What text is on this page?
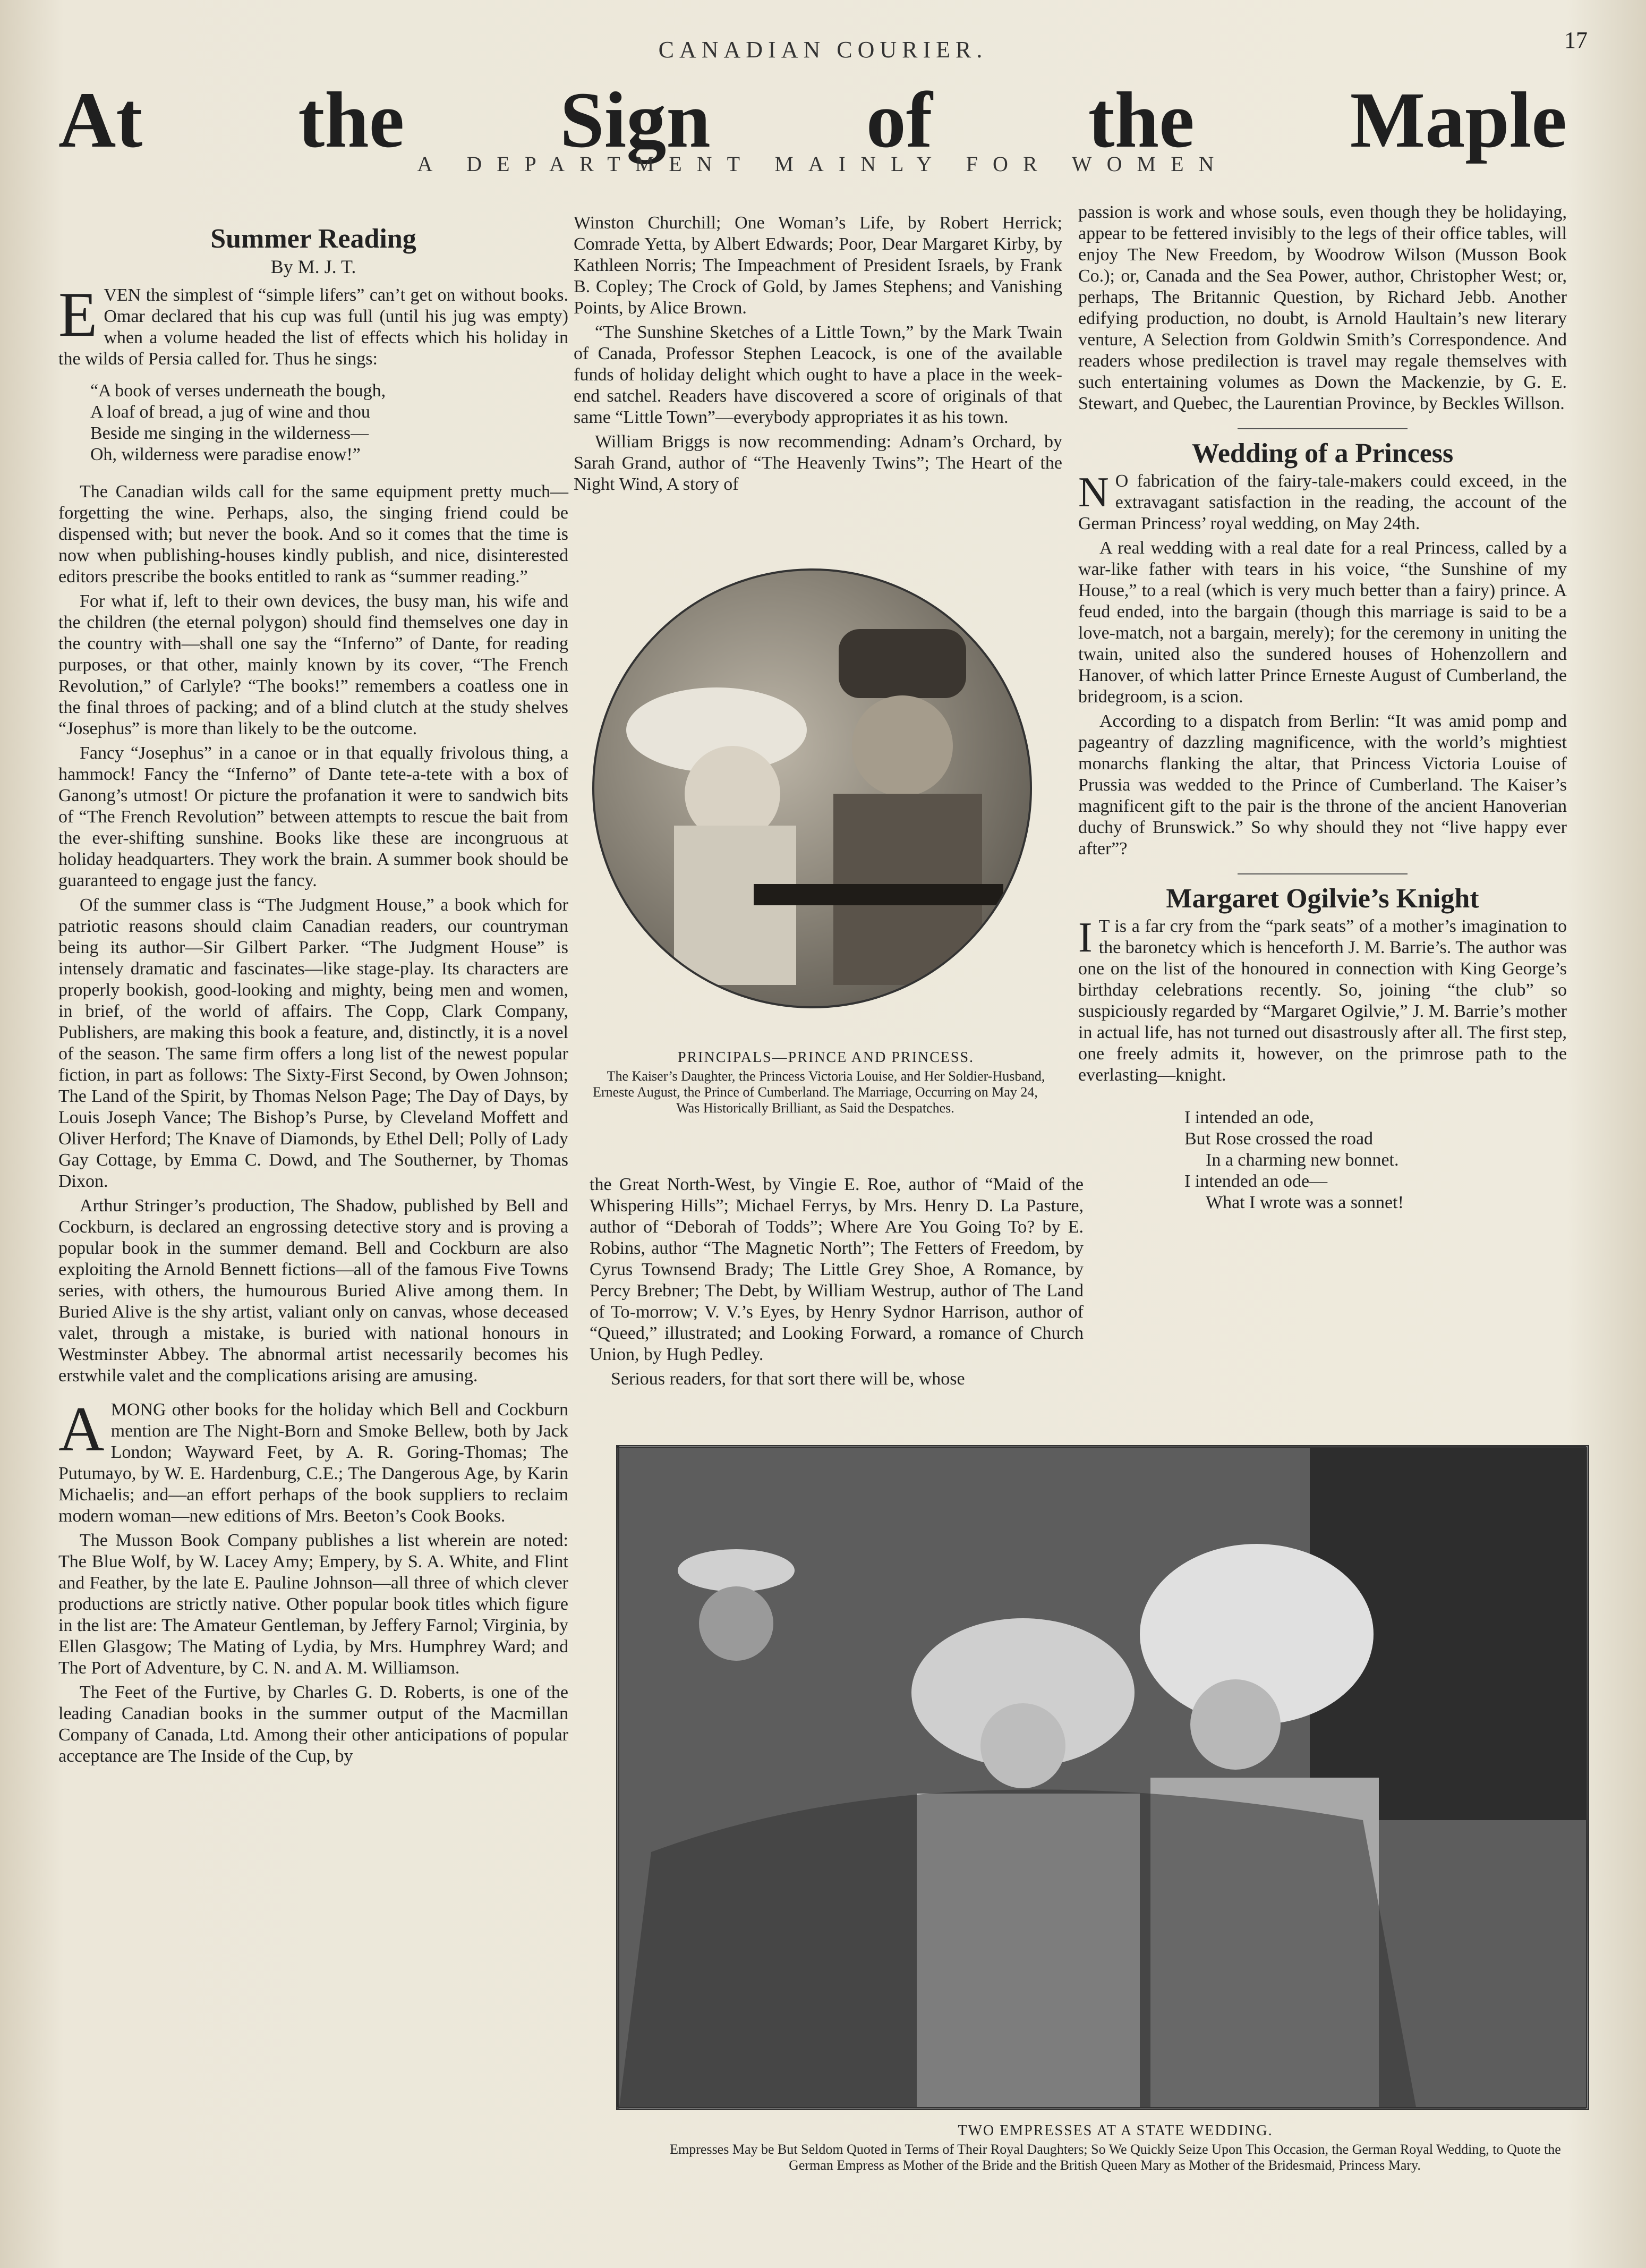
CANADIAN COURIER.	17
At the Sign of the Maple
A DEPARTMENT MAINLY FOR WOMEN
Summer Reading
By M. J. T.

EVEN the simplest of “simple lifers” can’t get on without books. Omar declared that his cup was full (until his jug was empty) when a volume headed the list of effects which his holiday in the wilds of Persia called for. Thus he sings:

“A book of verses underneath the bough,
A loaf of bread, a jug of wine and thou
Beside me singing in the wilderness—
Oh, wilderness were paradise enow!”

The Canadian wilds call for the same equipment pretty much—forgetting the wine. Perhaps, also, the singing friend could be dispensed with; but never the book. And so it comes that the time is now when publishing-houses kindly publish, and nice, disinterested editors prescribe the books entitled to rank as “summer reading.”

For what if, left to their own devices, the busy man, his wife and the children (the eternal polygon) should find themselves one day in the country with—shall one say the “Inferno” of Dante, for reading purposes, or that other, mainly known by its cover, “The French Revolution,” of Carlyle? “The books!” remembers a coatless one in the final throes of packing; and of a blind clutch at the study shelves “Josephus” is more than likely to be the outcome.

Fancy “Josephus” in a canoe or in that equally frivolous thing, a hammock! Fancy the “Inferno” of Dante tete-a-tete with a box of Ganong’s utmost! Or picture the profanation it were to sandwich bits of “The French Revolution” between attempts to rescue the bait from the ever-shifting sunshine. Books like these are incongruous at holiday headquarters. They work the brain. A summer book should be guaranteed to engage just the fancy.

Of the summer class is “The Judgment House,” a book which for patriotic reasons should claim Canadian readers, our countryman being its author—Sir Gilbert Parker. “The Judgment House” is intensely dramatic and fascinates—like stage-play. Its characters are properly bookish, good-looking and mighty, being men and women, in brief, of the world of affairs. The Copp, Clark Company, Publishers, are making this book a feature, and, distinctly, it is a novel of the season. The same firm offers a long list of the newest popular fiction, in part as follows: The Sixty-First Second, by Owen Johnson; The Land of the Spirit, by Thomas Nelson Page; The Day of Days, by Louis Joseph Vance; The Bishop’s Purse, by Cleveland Moffett and Oliver Herford; The Knave of Diamonds, by Ethel Dell; Polly of Lady Gay Cottage, by Emma C. Dowd, and The Southerner, by Thomas Dixon.

Arthur Stringer’s production, The Shadow, published by Bell and Cockburn, is declared an engrossing detective story and is proving a popular book in the summer demand. Bell and Cockburn are also exploiting the Arnold Bennett fictions—all of the famous Five Towns series, with others, the humourous Buried Alive among them. In Buried Alive is the shy artist, valiant only on canvas, whose deceased valet, through a mistake, is buried with national honours in Westminster Abbey. The abnormal artist necessarily becomes his erstwhile valet and the complications arising are amusing.

AMONG other books for the holiday which Bell and Cockburn mention are The Night-Born and Smoke Bellew, both by Jack London; Wayward Feet, by A. R. Goring-Thomas; The Putumayo, by W. E. Hardenburg, C.E.; The Dangerous Age, by Karin Michaelis; and—an effort perhaps of the book suppliers to reclaim modern woman—new editions of Mrs. Beeton’s Cook Books.

The Musson Book Company publishes a list wherein are noted: The Blue Wolf, by W. Lacey Amy; Empery, by S. A. White, and Flint and Feather, by the late E. Pauline Johnson—all three of which clever productions are strictly native. Other popular book titles which figure in the list are: The Amateur Gentleman, by Jeffery Farnol; Virginia, by Ellen Glasgow; The Mating of Lydia, by Mrs. Humphrey Ward; and The Port of Adventure, by C. N. and A. M. Williamson.

The Feet of the Furtive, by Charles G. D. Roberts, is one of the leading Canadian books in the summer output of the Macmillan Company of Canada, Ltd. Among their other anticipations of popular acceptance are The Inside of the Cup, by

Winston Churchill; One Woman’s Life, by Robert Herrick; Comrade Yetta, by Albert Edwards; Poor, Dear Margaret Kirby, by Kathleen Norris; The Impeachment of President Israels, by Frank B. Copley; The Crock of Gold, by James Stephens; and Vanishing Points, by Alice Brown.

“The Sunshine Sketches of a Little Town,” by the Mark Twain of Canada, Professor Stephen Leacock, is one of the available funds of holiday delight which ought to have a place in the week-end satchel. Readers have discovered a score of originals of that same “Little Town”—everybody appropriates it as his town.

William Briggs is now recommending: Adnam’s Orchard, by Sarah Grand, author of “The Heavenly Twins”; The Heart of the Night Wind, A story of

PRINCIPALS—PRINCE AND PRINCESS.

The Kaiser’s Daughter, the Princess Victoria Louise, and Her Soldier-Husband, Erneste August, the Prince of Cumberland. The Marriage, Occurring on May 24, Was Historically Brilliant, as Said the Despatches.

the Great North-West, by Vingie E. Roe, author of “Maid of the Whispering Hills”; Michael Ferrys, by Mrs. Henry D. La Pasture, author of “Deborah of Todds”; Where Are You Going To? by E. Robins, author “The Magnetic North”; The Fetters of Freedom, by Cyrus Townsend Brady; The Little Grey Shoe, A Romance, by Percy Brebner; The Debt, by William Westrup, author of The Land of To-morrow; V. V.’s Eyes, by Henry Sydnor Harrison, author of “Queed,” illustrated; and Looking Forward, a romance of Church Union, by Hugh Pedley.

Serious readers, for that sort there will be, whose

passion is work and whose souls, even though they be holidaying, appear to be fettered invisibly to the legs of their office tables, will enjoy The New Freedom, by Woodrow Wilson (Musson Book Co.); or, Canada and the Sea Power, author, Christopher West; or, perhaps, The Britannic Question, by Richard Jebb. Another edifying production, no doubt, is Arnold Haultain’s new literary venture, A Selection from Goldwin Smith’s Correspondence. And readers whose predilection is travel may regale themselves with such entertaining volumes as Down the Mackenzie, by G. E. Stewart, and Quebec, the Laurentian Province, by Beckles Willson.

Wedding of a Princess

N O fabrication of the fairy-tale-makers could exceed, in the extravagant satisfaction in the reading, the account of the German Princess’ royal wedding, on May 24th.

A real wedding with a real date for a real Princess, called by a war-like father with tears in his voice, “the Sunshine of my House,” to a real (which is very much better than a fairy) prince. A feud ended, into the bargain (though this marriage is said to be a love-match, not a bargain, merely); for the ceremony in uniting the twain, united also the sundered houses of Hohenzollern and Hanover, of which latter Prince Erneste August of Cumberland, the bridegroom, is a scion.

According to a dispatch from Berlin: “It was amid pomp and pageantry of dazzling magnificence, with the world’s mightiest monarchs flanking the altar, that Princess Victoria Louise of Prussia was wedded to the Prince of Cumberland. The Kaiser’s magnificent gift to the pair is the throne of the ancient Hanoverian duchy of Brunswick.” So why should they not “live happy ever after”?

Margaret Ogilvie’s Knight

I T is a far cry from the “park seats” of a mother’s imagination to the baronetcy which is henceforth J. M. Barrie’s. The author was one on the list of the honoured in connection with King George’s birthday celebrations recently. So, joining “the club” so suspiciously regarded by “Margaret Ogilvie,” J. M. Barrie’s mother in actual life, has not turned out disastrously after all. The first step, one freely admits it, however, on the primrose path to the everlasting—knight.

I intended an ode,
But Rose crossed the road
In a charming new bonnet.
I intended an ode—
What I wrote was a sonnet!

TWO EMPRESSES AT A STATE WEDDING.

Empresses May be But Seldom Quoted in Terms of Their Royal Daughters; So We Quickly Seize Upon This Occasion, the German Royal Wedding, to Quote the German Empress as Mother of the Bride and the British Queen Mary as Mother of the Bridesmaid, Princess Mary.
